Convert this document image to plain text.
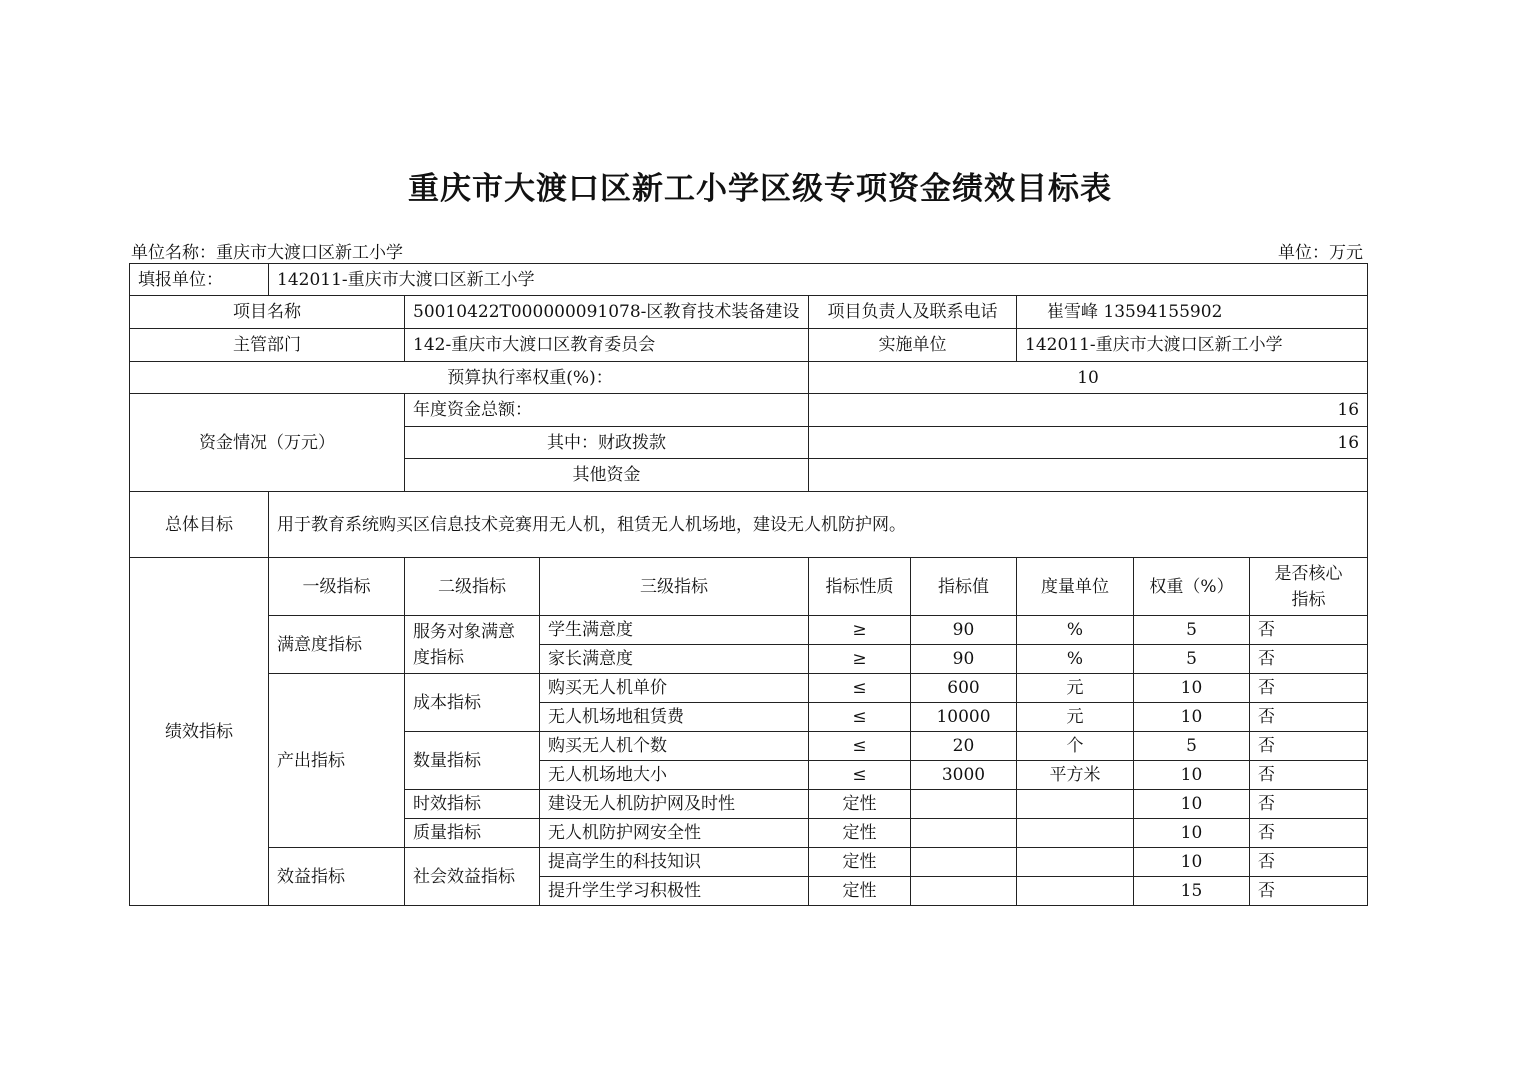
重庆市大渡口区新工小学区级专项资金绩效目标表
单位名称：重庆市大渡口区新工小学	单位：万元
填报单位：	142011-重庆市大渡口区新工小学							
项目名称		50010422T000000091078-区教育技术装备建设		项目负责人及联系电话		崔雪峰 13594155902		
主管部门		142-重庆市大渡口区教育委员会		实施单位		142011-重庆市大渡口区新工小学		
预算执行率权重(%)：				10				
资金情况（万元）		年度资金总额：		16				
		其中：财政拨款		16				
		其他资金						
总体目标	用于教育系统购买区信息技术竞赛用无人机，租赁无人机场地，建设无人机防护网。							
绩效指标	一级指标	二级指标	三级指标	指标性质	指标值	度量单位	权重（%）	是否核心指标
	满意度指标	服务对象满意度指标	学生满意度	≥	90	%	5	否
			家长满意度	≥	90	%	5	否
	产出指标	成本指标	购买无人机单价	≤	600	元	10	否
			无人机场地租赁费	≤	10000	元	10	否
		数量指标	购买无人机个数	≤	20	个	5	否
			无人机场地大小	≤	3000	平方米	10	否
		时效指标	建设无人机防护网及时性	定性			10	否
		质量指标	无人机防护网安全性	定性			10	否
	效益指标	社会效益指标	提高学生的科技知识	定性			10	否
			提升学生学习积极性	定性			15	否
